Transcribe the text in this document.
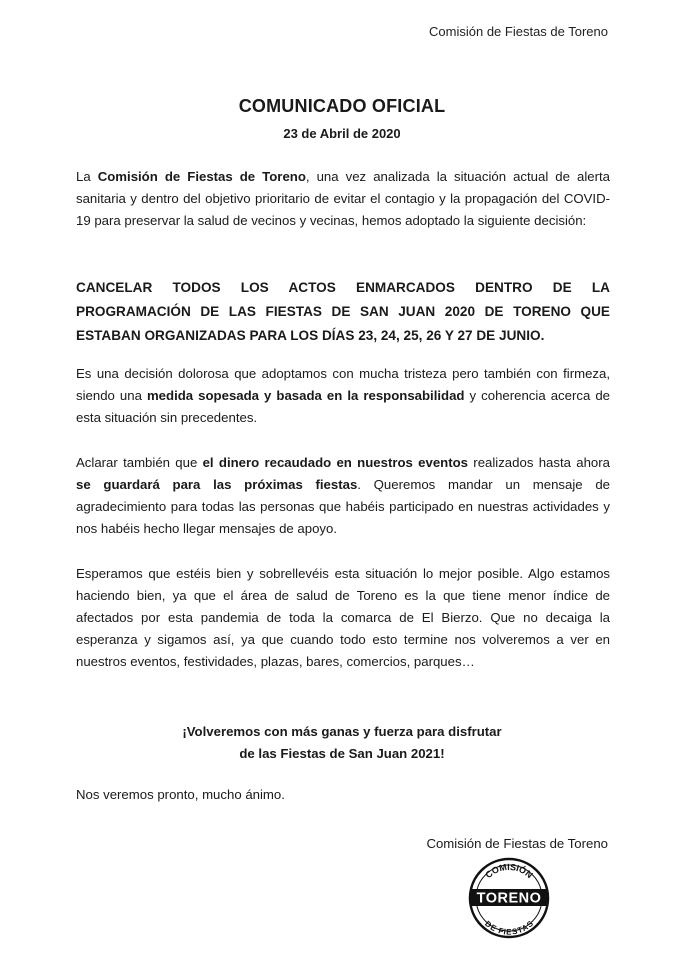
Comisión de Fiestas de Toreno
COMUNICADO OFICIAL
23 de Abril de 2020

La Comisión de Fiestas de Toreno, una vez analizada la situación actual de alerta sanitaria y dentro del objetivo prioritario de evitar el contagio y la propagación del COVID-19 para preservar la salud de vecinos y vecinas, hemos adoptado la siguiente decisión:

CANCELAR TODOS LOS ACTOS ENMARCADOS DENTRO DE LA PROGRAMACIÓN DE LAS FIESTAS DE SAN JUAN 2020 DE TORENO QUE ESTABAN ORGANIZADAS PARA LOS DÍAS 23, 24, 25, 26 Y 27 DE JUNIO.

Es una decisión dolorosa que adoptamos con mucha tristeza pero también con firmeza, siendo una medida sopesada y basada en la responsabilidad y coherencia acerca de esta situación sin precedentes.

Aclarar también que el dinero recaudado en nuestros eventos realizados hasta ahora se guardará para las próximas fiestas. Queremos mandar un mensaje de agradecimiento para todas las personas que habéis participado en nuestras actividades y nos habéis hecho llegar mensajes de apoyo.

Esperamos que estéis bien y sobrellevéis esta situación lo mejor posible. Algo estamos haciendo bien, ya que el área de salud de Toreno es la que tiene menor índice de afectados por esta pandemia de toda la comarca de El Bierzo. Que no decaiga la esperanza y sigamos así, ya que cuando todo esto termine nos volveremos a ver en nuestros eventos, festividades, plazas, bares, comercios, parques…

¡Volveremos con más ganas y fuerza para disfrutar
de las Fiestas de San Juan 2021!
Nos veremos pronto, mucho ánimo.
Comisión de Fiestas de Toreno
COMISIÓN
TORENO
DE FIESTAS
